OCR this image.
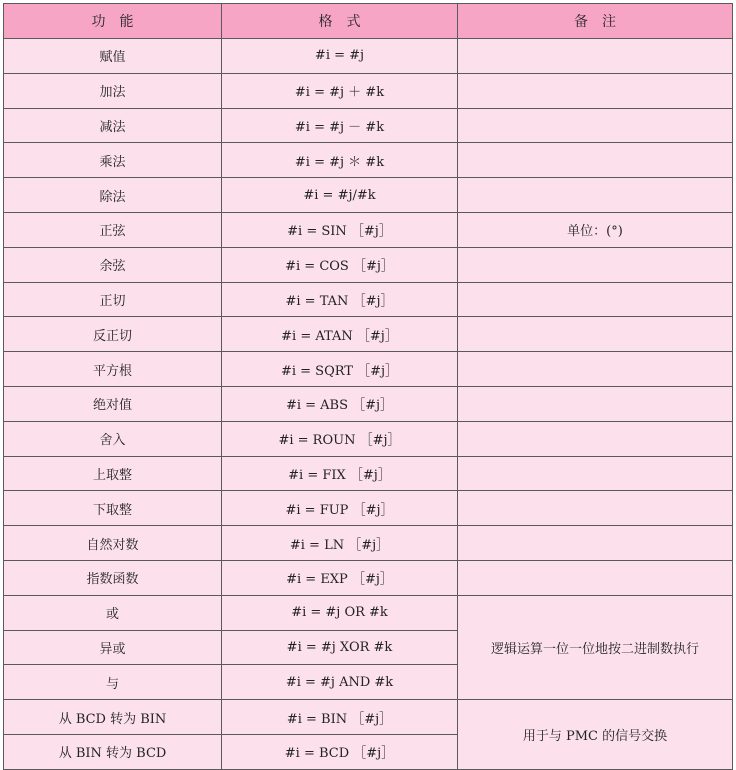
功　能	格　式	备　注
赋值	#i = #j	
加法	#i = #j ＋ #k	
减法	#i = #j － #k	
乘法	#i = #j ＊ #k	
除法	#i = #j/#k	
正弦	#i = SIN ［#j］	单位：(°)
余弦	#i = COS ［#j］	
正切	#i = TAN ［#j］	
反正切	#i = ATAN ［#j］	
平方根	#i = SQRT ［#j］	
绝对值	#i = ABS ［#j］	
舍入	#i = ROUN ［#j］	
上取整	#i = FIX ［#j］	
下取整	#i = FUP ［#j］	
自然对数	#i = LN ［#j］	
指数函数	#i = EXP ［#j］	
或	#i = #j OR #k	逻辑运算一位一位地按二进制数执行
异或	#i = #j XOR #k	
与	#i = #j AND #k	
从 BCD 转为 BIN	#i = BIN ［#j］	用于与 PMC 的信号交换
从 BIN 转为 BCD	#i = BCD ［#j］	
